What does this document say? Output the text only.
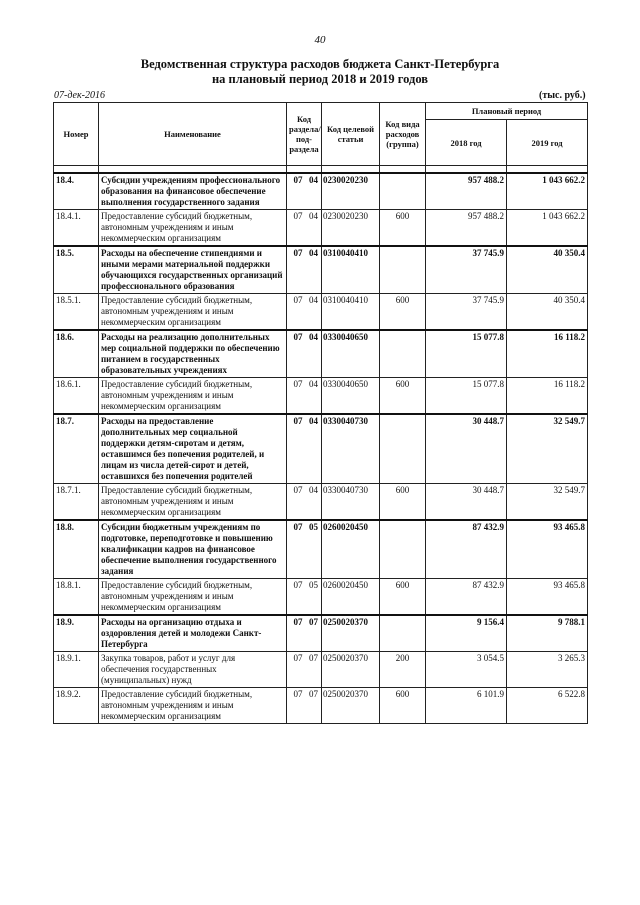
40
Ведомственная структура расходов бюджета Санкт-Петербурга
на плановый период 2018 и 2019 годов
07-дек-2016	(тыс. руб.)
Номер	Наименование	Код раздела/ под-раздела		Код целевой статьи	Код вида расходов (группа)	Плановый период	
						2018 год	2019 год

18.4.	Субсидии учреждениям профессионального образования на финансовое обеспечение выполнения государственного задания	07	04	0230020230		957 488.2	1 043 662.2
18.4.1.	Предоставление субсидий бюджетным, автономным учреждениям и иным некоммерческим организациям	07	04	0230020230	600	957 488.2	1 043 662.2
18.5.	Расходы на обеспечение стипендиями и иными мерами материальной поддержки обучающихся государственных организаций профессионального образования	07	04	0310040410		37 745.9	40 350.4
18.5.1.	Предоставление субсидий бюджетным, автономным учреждениям и иным некоммерческим организациям	07	04	0310040410	600	37 745.9	40 350.4
18.6.	Расходы на реализацию дополнительных мер социальной поддержки по обеспечению питанием в государственных образовательных учреждениях	07	04	0330040650		15 077.8	16 118.2
18.6.1.	Предоставление субсидий бюджетным, автономным учреждениям и иным некоммерческим организациям	07	04	0330040650	600	15 077.8	16 118.2
18.7.	Расходы на предоставление дополнительных мер социальной поддержки детям-сиротам и детям, оставшимся без попечения родителей, и лицам из числа детей-сирот и детей, оставшихся без попечения родителей	07	04	0330040730		30 448.7	32 549.7
18.7.1.	Предоставление субсидий бюджетным, автономным учреждениям и иным некоммерческим организациям	07	04	0330040730	600	30 448.7	32 549.7
18.8.	Субсидии бюджетным учреждениям по подготовке, переподготовке и повышению квалификации кадров на финансовое обеспечение выполнения государственного задания	07	05	0260020450		87 432.9	93 465.8
18.8.1.	Предоставление субсидий бюджетным, автономным учреждениям и иным некоммерческим организациям	07	05	0260020450	600	87 432.9	93 465.8
18.9.	Расходы на организацию отдыха и оздоровления детей и молодежи Санкт-Петербурга	07	07	0250020370		9 156.4	9 788.1
18.9.1.	Закупка товаров, работ и услуг для обеспечения государственных (муниципальных) нужд	07	07	0250020370	200	3 054.5	3 265.3
18.9.2.	Предоставление субсидий бюджетным, автономным учреждениям и иным некоммерческим организациям	07	07	0250020370	600	6 101.9	6 522.8
